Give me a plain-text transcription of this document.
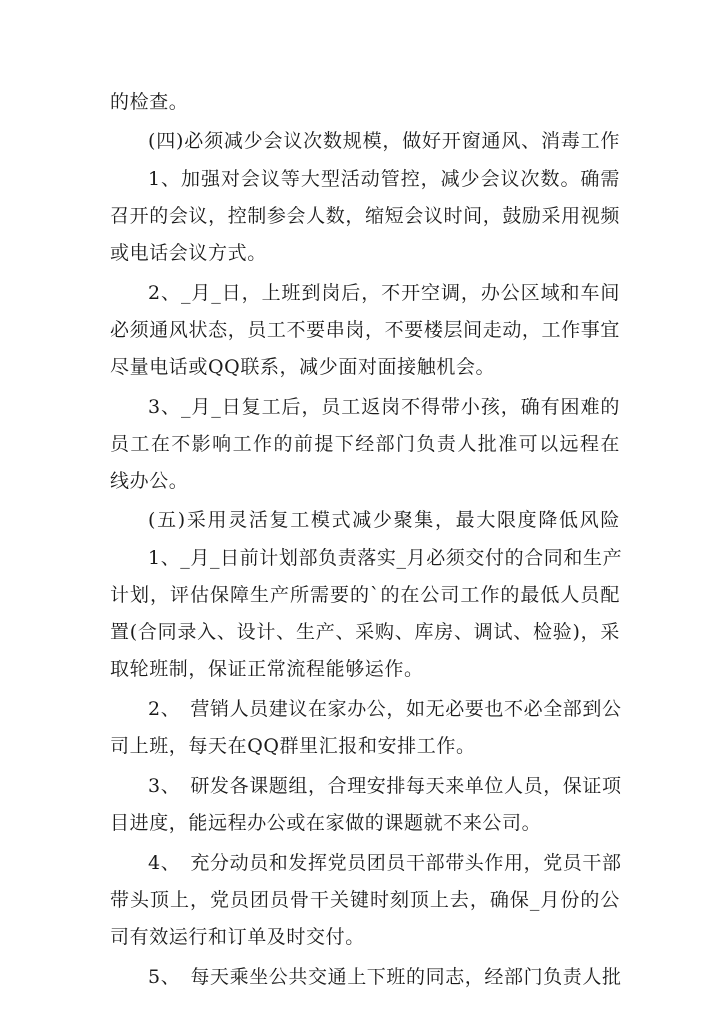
的检查。
(四)必须减少会议次数规模，做好开窗通风、消毒工作
1、加强对会议等大型活动管控，减少会议次数。确需
召开的会议，控制参会人数，缩短会议时间，鼓励采用视频
或电话会议方式。
2、_月_日，上班到岗后，不开空调，办公区域和车间
必须通风状态，员工不要串岗，不要楼层间走动，工作事宜
尽量电话或QQ联系，减少面对面接触机会。
3、_月_日复工后，员工返岗不得带小孩，确有困难的
员工在不影响工作的前提下经部门负责人批准可以远程在
线办公。
(五)采用灵活复工模式减少聚集，最大限度降低风险
1、_月_日前计划部负责落实_月必须交付的合同和生产
计划，评估保障生产所需要的`的在公司工作的最低人员配
置(合同录入、设计、生产、采购、库房、调试、检验)，采
取轮班制，保证正常流程能够运作。
2、　营销人员建议在家办公，如无必要也不必全部到公
司上班，每天在QQ群里汇报和安排工作。
3、　研发各课题组，合理安排每天来单位人员，保证项
目进度，能远程办公或在家做的课题就不来公司。
4、　充分动员和发挥党员团员干部带头作用，党员干部
带头顶上，党员团员骨干关键时刻顶上去，确保_月份的公
司有效运行和订单及时交付。
5、　每天乘坐公共交通上下班的同志，经部门负责人批
